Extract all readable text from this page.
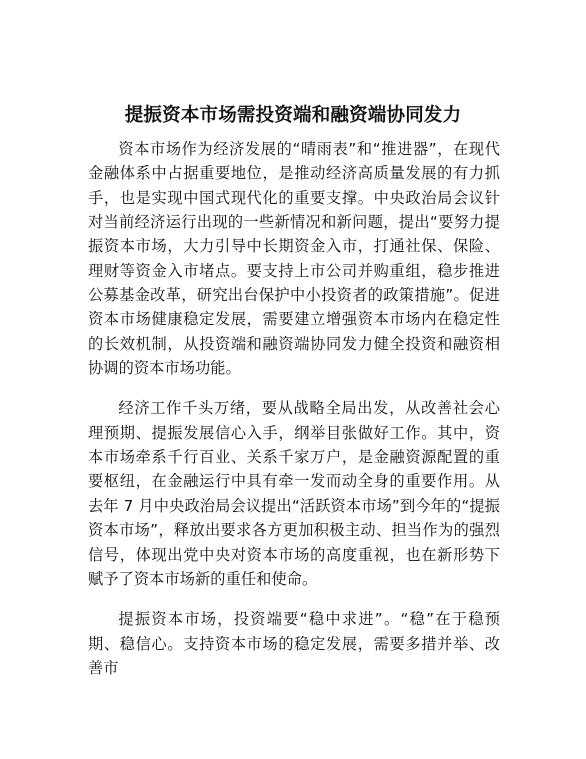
提振资本市场需投资端和融资端协同发力

资本市场作为经济发展的“晴雨表”和“推进器”，在现代金融体系中占据重要地位，是推动经济高质量发展的有力抓手，也是实现中国式现代化的重要支撑。中央政治局会议针对当前经济运行出现的一些新情况和新问题，提出“要努力提振资本市场，大力引导中长期资金入市，打通社保、保险、理财等资金入市堵点。要支持上市公司并购重组，稳步推进公募基金改革，研究出台保护中小投资者的政策措施”。促进资本市场健康稳定发展，需要建立增强资本市场内在稳定性的长效机制，从投资端和融资端协同发力健全投资和融资相协调的资本市场功能。

经济工作千头万绪，要从战略全局出发，从改善社会心理预期、提振发展信心入手，纲举目张做好工作。其中，资本市场牵系千行百业、关系千家万户，是金融资源配置的重要枢纽，在金融运行中具有牵一发而动全身的重要作用。从去年 7 月中央政治局会议提出“活跃资本市场”到今年的“提振资本市场”，释放出要求各方更加积极主动、担当作为的强烈信号，体现出党中央对资本市场的高度重视，也在新形势下赋予了资本市场新的重任和使命。

提振资本市场，投资端要“稳中求进”。“稳”在于稳预期、稳信心。支持资本市场的稳定发展，需要多措并举、改善市
